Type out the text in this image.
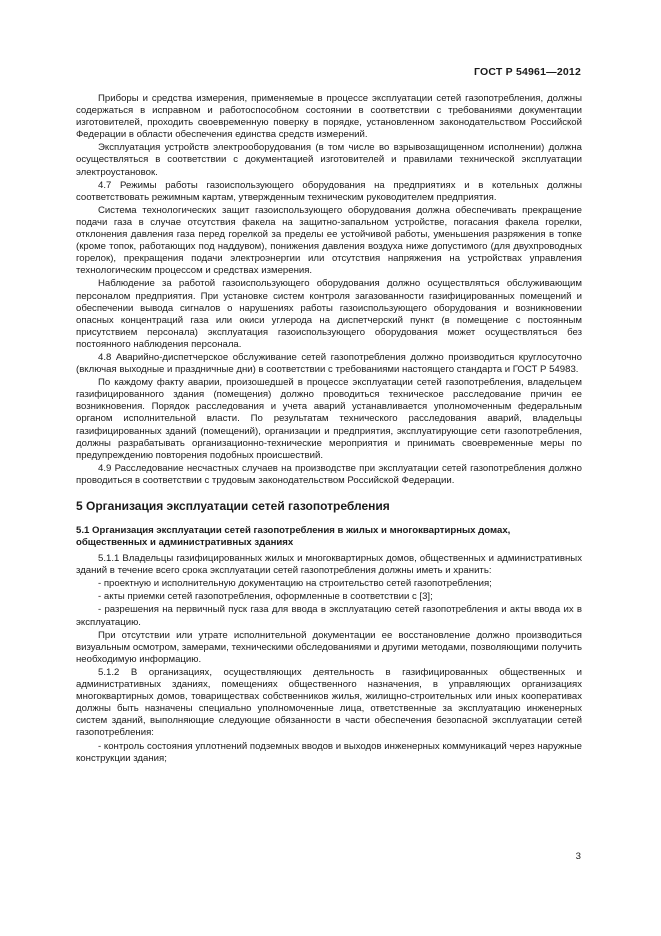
ГОСТ Р 54961—2012

Приборы и средства измерения, применяемые в процессе эксплуатации сетей газопотребления, должны содержаться в исправном и работоспособном состоянии в соответствии с требованиями документации изготовителей, проходить своевременную поверку в порядке, установленном законодательством Российской Федерации в области обеспечения единства средств измерений.

Эксплуатация устройств электрооборудования (в том числе во взрывозащищенном исполнении) должна осуществляться в соответствии с документацией изготовителей и правилами технической эксплуатации электроустановок.

4.7 Режимы работы газоиспользующего оборудования на предприятиях и в котельных должны соответствовать режимным картам, утвержденным техническим руководителем предприятия.

Система технологических защит газоиспользующего оборудования должна обеспечивать прекращение подачи газа в случае отсутствия факела на защитно-запальном устройстве, погасания факела горелки, отклонения давления газа перед горелкой за пределы ее устойчивой работы, уменьшения разряжения в топке (кроме топок, работающих под наддувом), понижения давления воздуха ниже допустимого (для двухпроводных горелок), прекращения подачи электроэнергии или отсутствия напряжения на устройствах управления технологическим процессом и средствах измерения.

Наблюдение за работой газоиспользующего оборудования должно осуществляться обслуживающим персоналом предприятия. При установке систем контроля загазованности газифицированных помещений и обеспечении вывода сигналов о нарушениях работы газоиспользующего оборудования и возникновении опасных концентраций газа или окиси углерода на диспетчерский пункт (в помещение с постоянным присутствием персонала) эксплуатация газоиспользующего оборудования может осуществляться без постоянного наблюдения персонала.

4.8 Аварийно-диспетчерское обслуживание сетей газопотребления должно производиться круглосуточно (включая выходные и праздничные дни) в соответствии с требованиями настоящего стандарта и ГОСТ Р 54983.

По каждому факту аварии, произошедшей в процессе эксплуатации сетей газопотребления, владельцем газифицированного здания (помещения) должно проводиться техническое расследование причин ее возникновения. Порядок расследования и учета аварий устанавливается уполномоченным федеральным органом исполнительной власти. По результатам технического расследования аварий, владельцы газифицированных зданий (помещений), организации и предприятия, эксплуатирующие сети газопотребления, должны разрабатывать организационно-технические мероприятия и принимать своевременные меры по предупреждению повторения подобных происшествий.

4.9 Расследование несчастных случаев на производстве при эксплуатации сетей газопотребления должно проводиться в соответствии с трудовым законодательством Российской Федерации.

5 Организация эксплуатации сетей газопотребления
5.1 Организация эксплуатации сетей газопотребления в жилых и многоквартирных домах, общественных и административных зданиях

5.1.1 Владельцы газифицированных жилых и многоквартирных домов, общественных и административных зданий в течение всего срока эксплуатации сетей газопотребления должны иметь и хранить:

- проектную и исполнительную документацию на строительство сетей газопотребления;

- акты приемки сетей газопотребления, оформленные в соответствии с [3];

- разрешения на первичный пуск газа для ввода в эксплуатацию сетей газопотребления и акты ввода их в эксплуатацию.

При отсутствии или утрате исполнительной документации ее восстановление должно производиться визуальным осмотром, замерами, техническими обследованиями и другими методами, позволяющими получить необходимую информацию.

5.1.2 В организациях, осуществляющих деятельность в газифицированных общественных и административных зданиях, помещениях общественного назначения, в управляющих организациях многоквартирных домов, товариществах собственников жилья, жилищно-строительных или иных кооперативах должны быть назначены специально уполномоченные лица, ответственные за эксплуатацию инженерных систем зданий, выполняющие следующие обязанности в части обеспечения безопасной эксплуатации сетей газопотребления:

- контроль состояния уплотнений подземных вводов и выходов инженерных коммуникаций через наружные конструкции здания;

3
